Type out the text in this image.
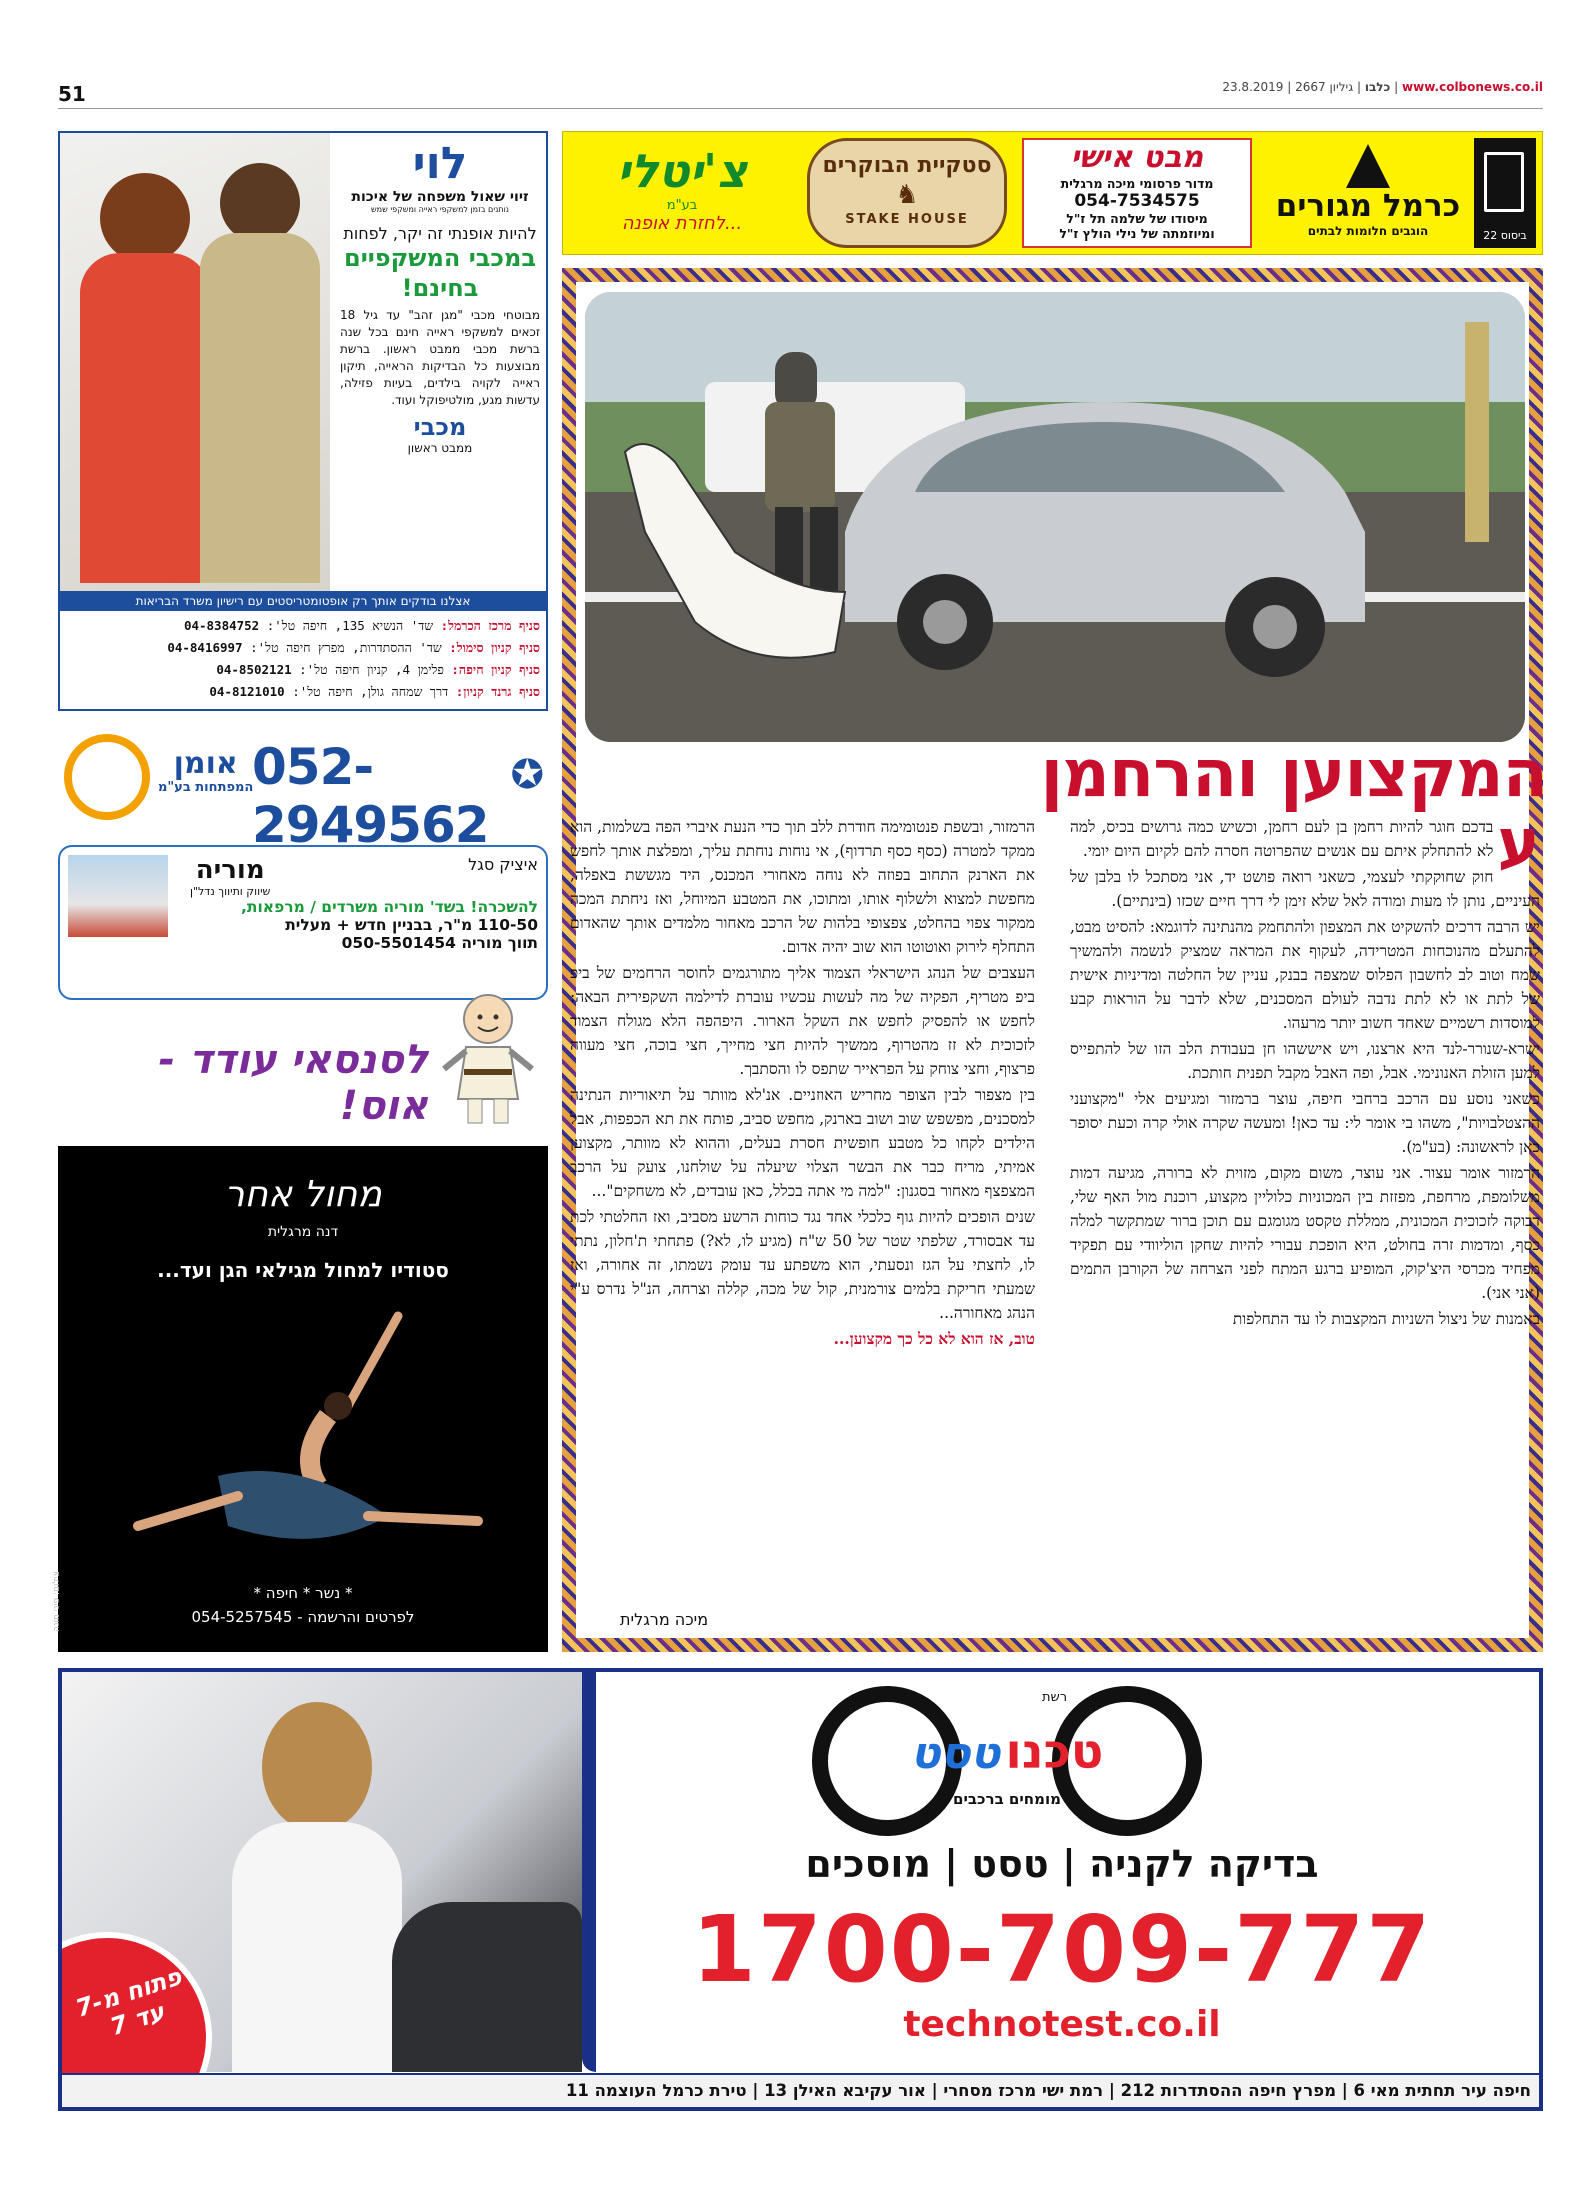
51	www.colbonews.co.il | כלבו | גיליון 2667 | 23.8.2019
ביסוס 22
כרמל מגורים
הוגבים חלומות לבתים
מבט אישי
מדור פרסומי מיכה מרגלית
054-7534575
מיסודו של שלמה תל ז"ל
ומיוזמתה של נילי הולץ ז"ל
סטקיית הבוקרים
♞
STAKE HOUSE
צ'יטלי
בע"מ
...לחזרת אופנה
המקצוען והרחמן
ע

בדכם חוגר להיות רחמן בן לעם רחמן, וכשיש כמה גרושים בכיס, למה לא להתחלק איתם עם אנשים שהפרוטה חסרה להם לקיום היום יומי.

חוק שחוקקתי לעצמי, כשאני רואה פושט יד, אני מסתכל לו בלבן של העיניים, נותן לו מעות ומודה לאל שלא זימן לי דרך חיים שכזו (בינתיים).

יש הרבה דרכים להשקיט את המצפון ולהתחמק מהנתינה לדוגמא: להסיט מבט, להתעלם מהנוכחות המטרידה, לעקוף את המראה שמציק לנשמה ולהמשיך שמח וטוב לב לחשבון הפלוס שמצפה בבנק, עניין של החלטה ומדיניות אישית של לתת או לא לתת נדבה לעולם המסכנים, שלא לדבר על הוראות קבע למוסדות רשמיים שאחד חשוב יותר מרעהו.

ישרא-שנורר-לנד היא ארצנו, ויש איששהו חן בעבודת הלב הזו של להתפייס למען הזולת האנונימי. אבל, ופה האבל מקבל תפנית חותכת.

כשאני נוסע עם הרכב ברחבי חיפה, עוצר ברמזור ומגיעים אלי "מקצועני ההצטלבויות", משהו בי אומר לי: עד כאן! ומעשה שקרה אולי קרה וכעת יסופר כאן לראשונה: (בע"מ).

הרמזור אומר עצור. אני עוצר, משום מקום, מזוית לא ברורה, מגיעה דמות משלומפת, מרחפת, מפזזת בין המכוניות כלוליין מקצוע, רוכנת מול האף שלי, דבוקה לזכוכית המכונית, ממללת טקסט מגומגם עם תוכן ברור שמתקשר למלה כסף, ומדמות זרה בחולט, היא הופכת עבורי להיות שחקן הוליוודי עם תפקיד מפחיד מכרסי היצ'קוק, המופיע ברגע המתח לפני הצרחה של הקורבן התמים (אני אני).

באמנות של ניצול השניות המקצבות לו עד התחלפות

הרמזור, ובשפת פנטומימה חודרת ללב תוך כדי הנעת איברי הפה בשלמות, הוא ממקד למטרה (כסף כסף תרדוף), אי נוחות נוחתת עליך, ומפלצת אותך לחפש את הארנק התחוב בפוזה לא נוחה מאחורי המכנס, היד מגששת באפלה, מחפשת למצוא ולשלוף אותו, ומתוכו, את המטבע המיוחל, ואז ניחתת המכה ממקור צפוי בהחלט, צפצופי בלהות של הרכב מאחור מלמדים אותך שהאדום התחלף לירוק ואוטוטו הוא שוב יהיה אדום.

העצבים של הנהג הישראלי הצמוד אליך מתורגמים לחוסר הרחמים של ביפ ביפ מטריף, הפקיה של מה לעשות עכשיו עוברת לדילמה השקפירית הבאה: לחפש או להפסיק לחפש את השקל הארור. היפהפה הלא מגולח הצמוד לזכוכית לא זז מהטרוף, ממשיך להיות חצי מחייך, חצי בוכה, חצי מעווה פרצוף, וחצי צוחק על הפראייר שתפס לו והסתבך.

בין מצפור לבין הצופר מחריש האוזניים. אנ'לא מוותר על תיאוריות הנתינה למסכנים, מפשפש שוב ושוב בארנק, מחפש סביב, פותח את תא הכפפות, אבל הילדים לקחו כל מטבע חופשית חסרת בעלים, וההוא לא מוותר, מקצוען אמיתי, מריח כבר את הבשר הצלוי שיעלה על שולחנו, צועק על הרכב המצפצף מאחור בסגנון: "למה מי אתה בכלל, כאן עובדים, לא משחקים"...

שנים הופכים להיות גוף כלכלי אחד נגד כוחות הרשע מסביב, ואז החלטתי לכת עד אבסורד, שלפתי שטר של 50 ש"ח (מגיע לו, לא?) פתחתי ת'חלון, נתתי לו, לחצתי על הגז ונסעתי, הוא משפתע עד עומק נשמתו, זה אחורה, ואז שמעתי חריקת בלמים צורמנית, קול של מכה, קללה וצרחה, הנ"ל נדרס ע"י הנהג מאחורה...

טוב, אז הוא לא כל כך מקצוען...

מיכה מרגלית
לוי
זיוי שאול משפחה של איכות
נותנים בזמן למשקפי ראייה ומשקפי שמש
להיות אופנתי זה יקר, לפחות
במכבי המשקפיים בחינם!
מבוטחי מכבי "מגן זהב" עד גיל 18 זכאים למשקפי ראייה חינם בכל שנה ברשת מכבי ממבט ראשון. ברשת מבוצעות כל הבדיקות הראייה, תיקון ראייה לקויה בילדים, בעיות פזילה, עדשות מגע, מולטיפוקל ועוד.
מכבי
ממבט ראשון
אצלנו בודקים אותך רק אופטומטריסטים עם רישיון משרד הבריאות
סניף מרכז הכרמל: שד' הנשיא 135, חיפה טל': 04-8384752
סניף קניון סימול: שד' ההסתדרות, מפרץ חיפה טל': 04-8416997
סניף קניון חיפה: פלימן 4, קניון חיפה טל': 04-8502121
סניף גרנד קניון: דרך שמחה גולן, חיפה טל': 04-8121010
אומן
המפתחות בע"מ
052-2949562
✪
איציק סגל
מוריה
שיווק ותיווך נדל"ן
להשכרה! בשד' מוריה משרדים / מרפאות,
110-50 מ"ר, בבניין חדש + מעלית
תווך מוריה 050-5501454
לסנסאי עודד - אוס!
מחול אחר
דנה מרגלית
סטודיו למחול מגילאי הגן ועד...
* נשר * חיפה *
לפרטים והרשמה - 054-5257545
צילום: פיני מונה
פתוח מ-7 עד 7
רשת
טכנו טסט
מומחים ברכבים
בדיקה לקניה | טסט | מוסכים
1700-709-777
technotest.co.il
חיפה עיר תחתית מאי 6 | מפרץ חיפה ההסתדרות 212 | רמת ישי מרכז מסחרי | אור עקיבא האילן 13 | טירת כרמל העוצמה 11
